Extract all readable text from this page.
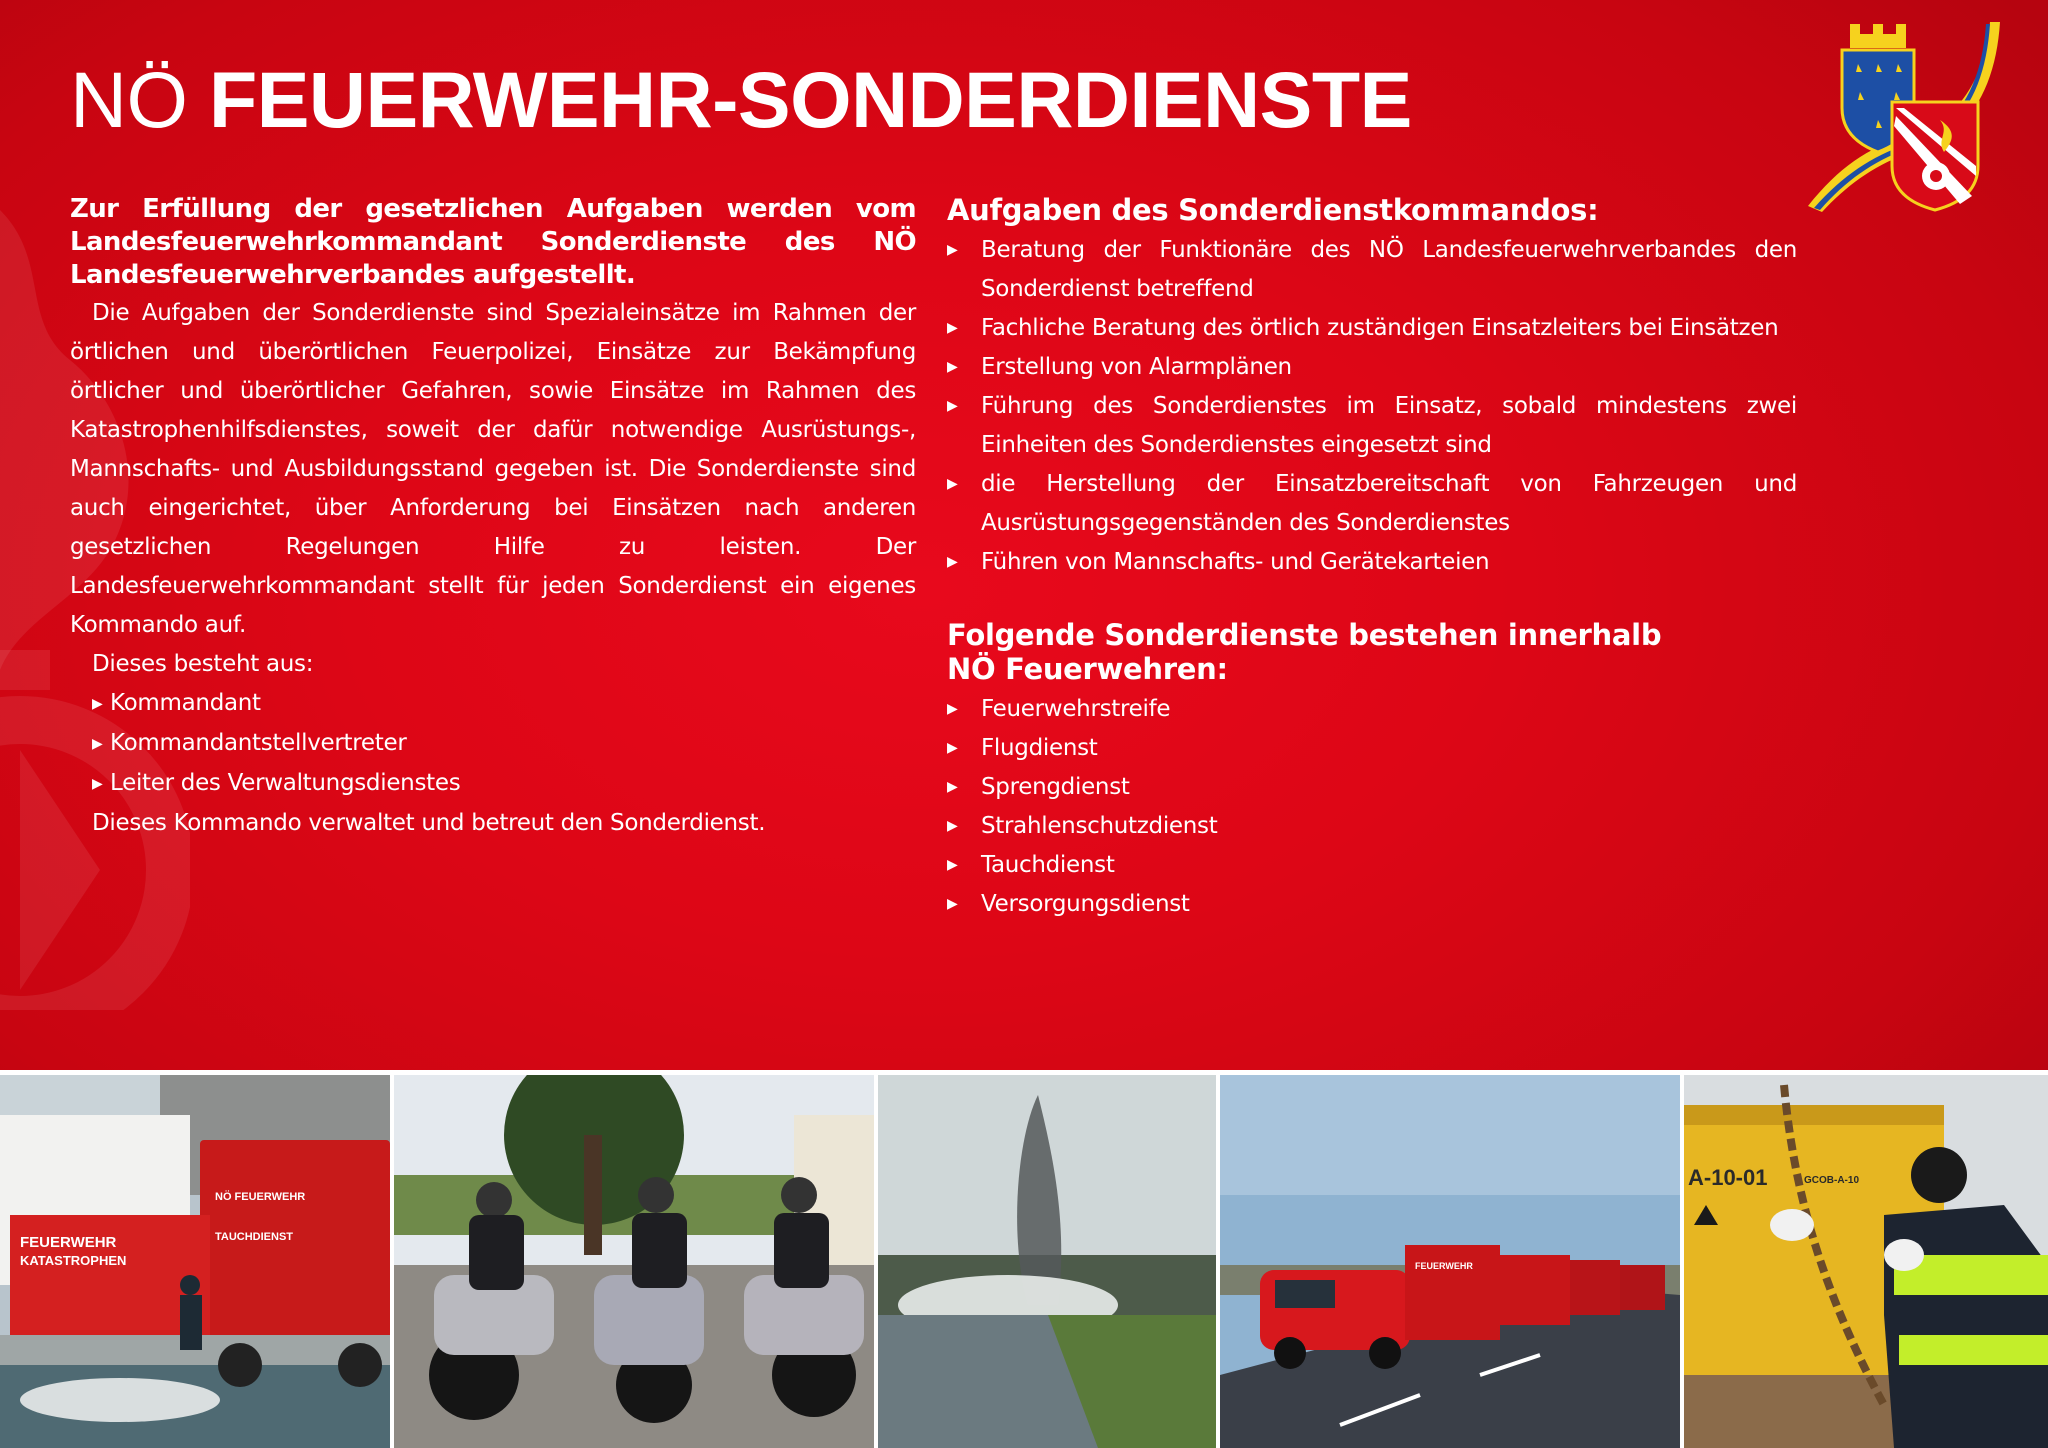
NÖ FEUERWEHR-SONDERDIENSTE

Zur Erfüllung der gesetzlichen Aufgaben werden vom Landesfeuerwehrkommandant Sonderdienste des NÖ Landesfeuerwehrverbandes aufgestellt.

Die Aufgaben der Sonderdienste sind Spezialeinsätze im Rahmen der örtlichen und überörtlichen Feuerpolizei, Einsätze zur Bekämpfung örtlicher und überörtlicher Gefahren, sowie Einsätze im Rahmen des Katastrophenhilfsdienstes, soweit der dafür notwendige Ausrüstungs-, Mannschafts- und Ausbildungsstand gegeben ist. Die Sonderdienste sind auch eingerichtet, über Anforderung bei Einsätzen nach anderen gesetzlichen Regelungen Hilfe zu leisten. Der Landesfeuerwehrkommandant stellt für jeden Sonderdienst ein eigenes Kommando auf.

Dieses besteht aus:

▶ Kommandant
▶ Kommandantstellvertreter
▶ Leiter des Verwaltungsdienstes

Dieses Kommando verwaltet und betreut den Sonderdienst.

Aufgaben des Sonderdienstkommandos:
▶ Beratung der Funktionäre des NÖ Landesfeuerwehrverbandes den Sonderdienst betreffend
▶ Fachliche Beratung des örtlich zuständigen Einsatzleiters bei Einsätzen
▶ Erstellung von Alarmplänen
▶ Führung des Sonderdienstes im Einsatz, sobald mindestens zwei Einheiten des Sonderdienstes eingesetzt sind
▶ die Herstellung der Einsatzbereitschaft von Fahrzeugen und Ausrüstungsgegenständen des Sonderdienstes
▶ Führen von Mannschafts- und Gerätekarteien
Folgende Sonderdienste bestehen innerhalb
NÖ Feuerwehren:
▶ Feuerwehrstreife
▶ Flugdienst
▶ Sprengdienst
▶ Strahlenschutzdienst
▶ Tauchdienst
▶ Versorgungsdienst
FEUERWEHR
KATASTROPHEN
NÖ FEUERWEHR
TAUCHDIENST
FEUERWEHR
A-10-01	GCOB-A-10
